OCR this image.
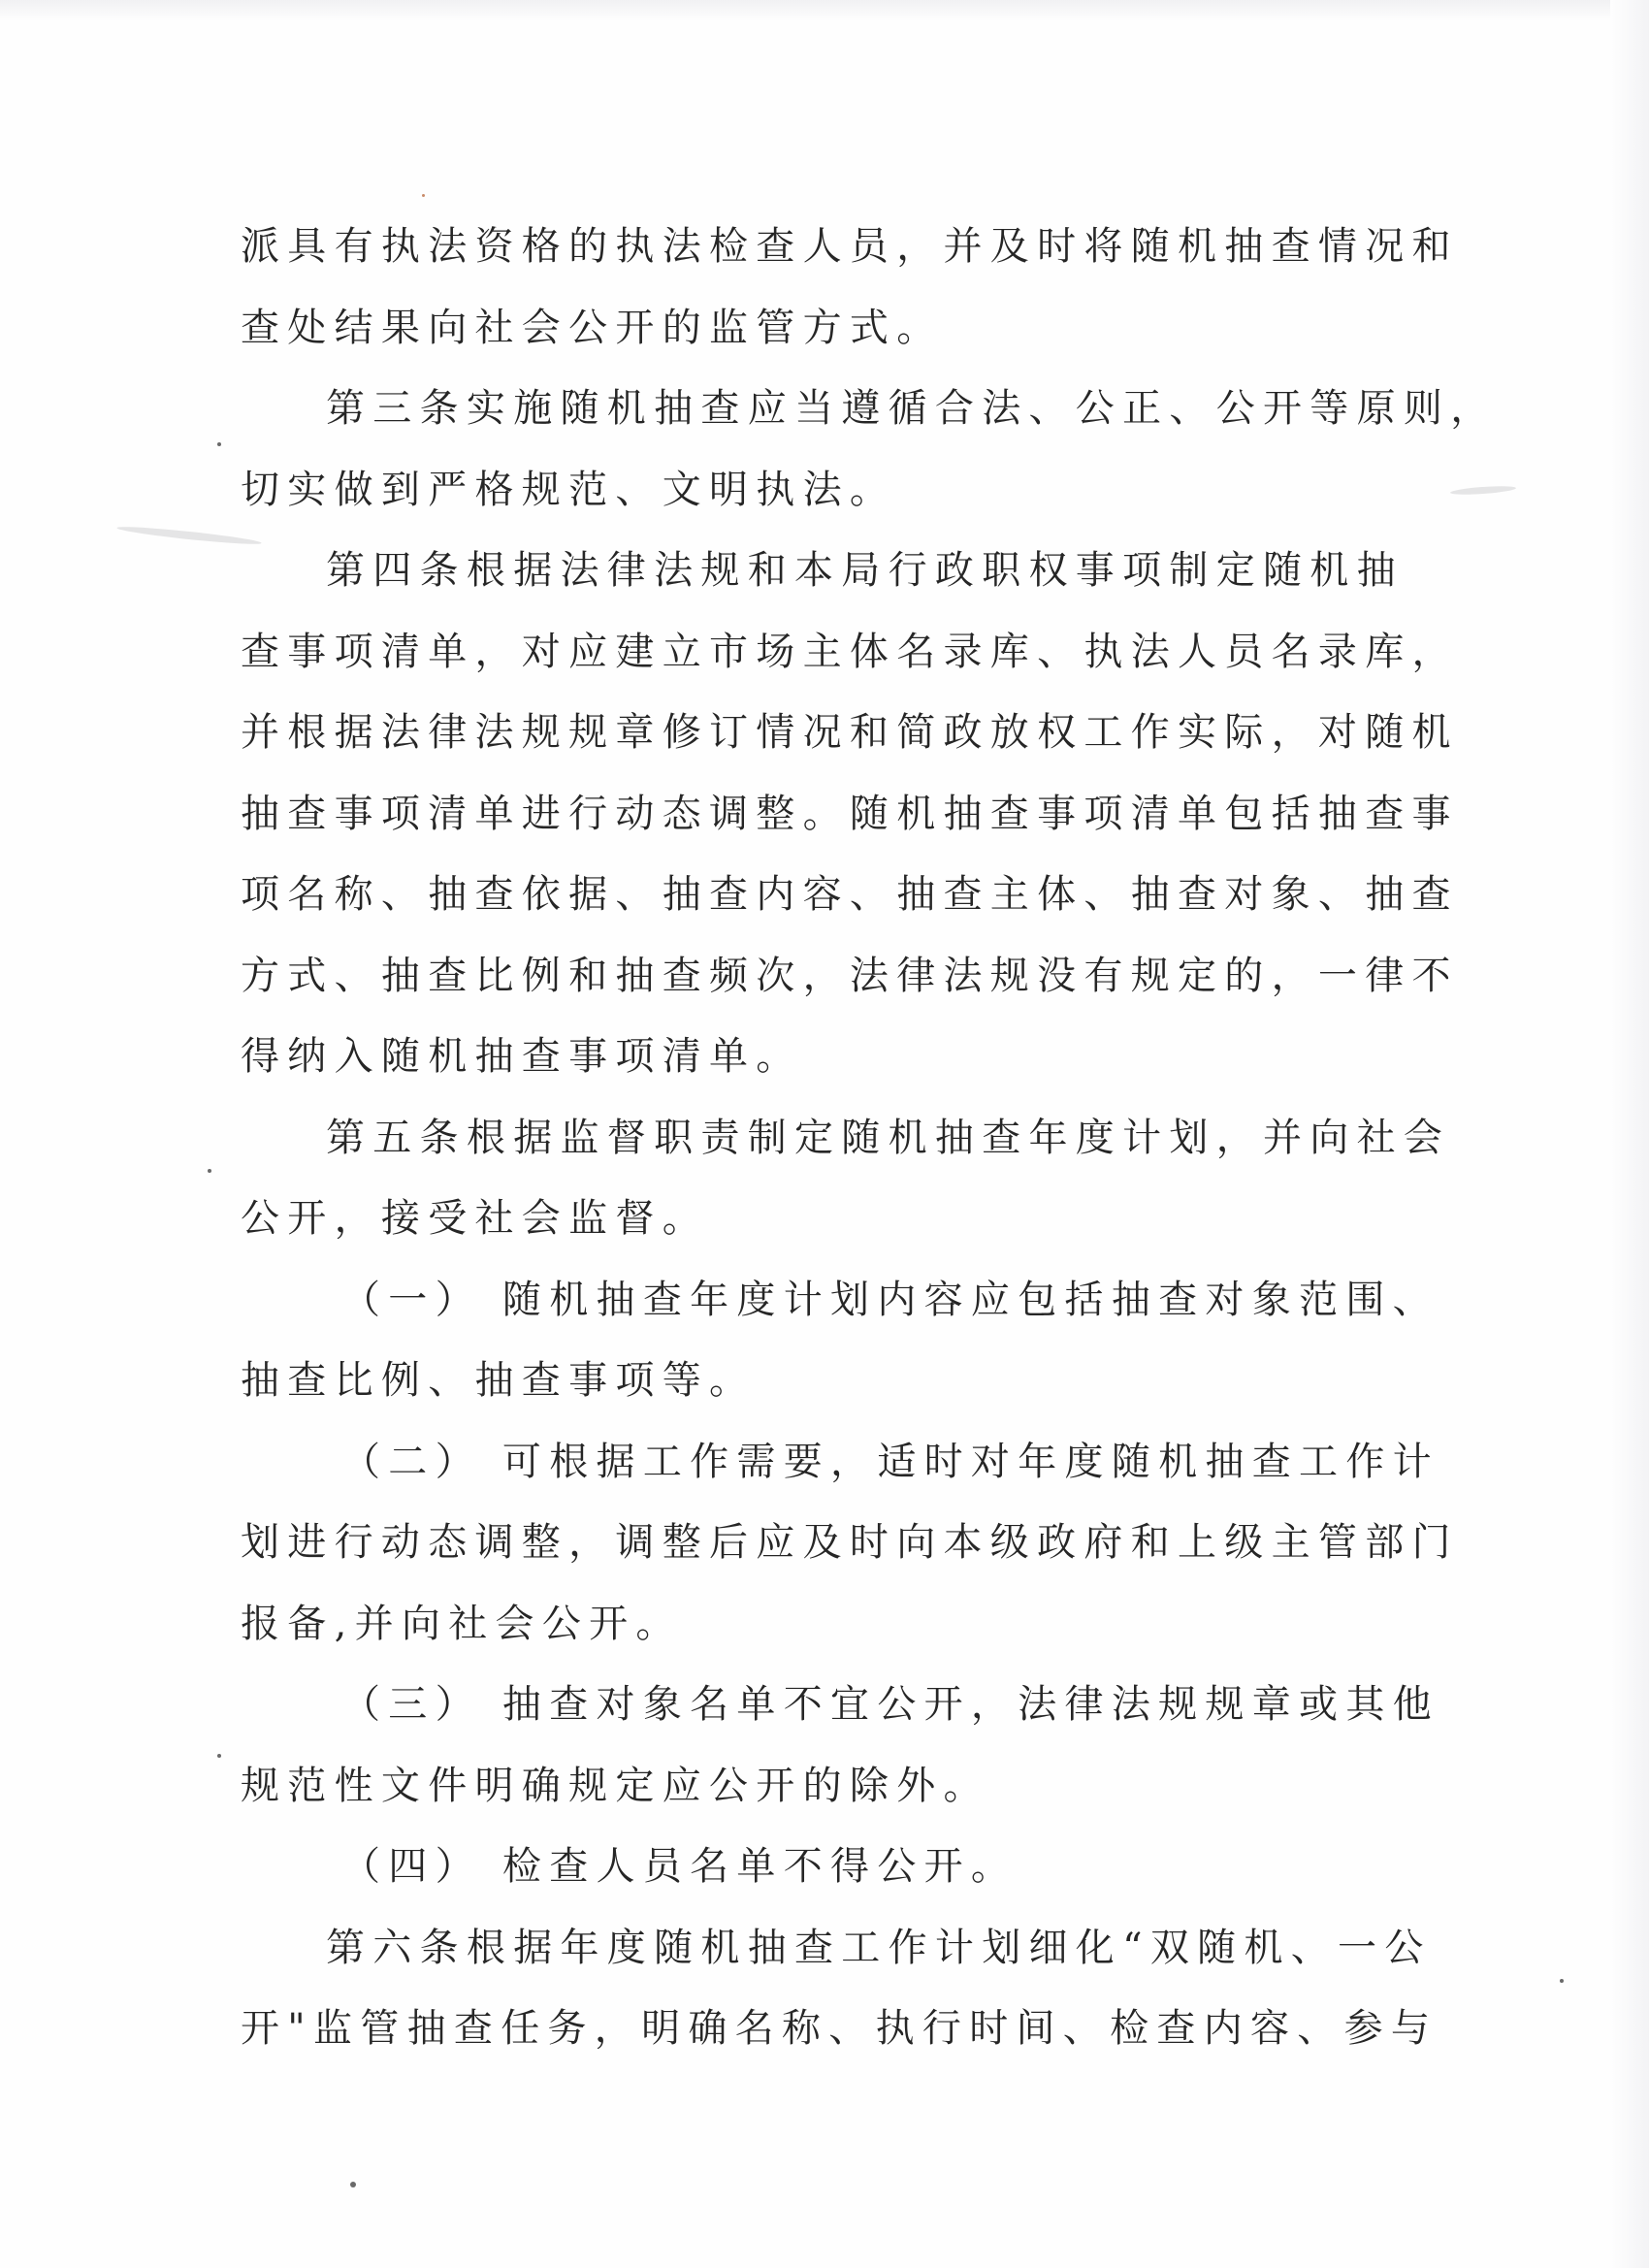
派具有执法资格的执法检查人员，并及时将随机抽查情况和
查处结果向社会公开的监管方式。
第三条实施随机抽查应当遵循合法、公正、公开等原则，
切实做到严格规范、文明执法。
第四条根据法律法规和本局行政职权事项制定随机抽
查事项清单，对应建立市场主体名录库、执法人员名录库，
并根据法律法规规章修订情况和简政放权工作实际，对随机
抽查事项清单进行动态调整。随机抽查事项清单包括抽查事
项名称、抽查依据、抽查内容、抽查主体、抽查对象、抽查
方式、抽查比例和抽查频次，法律法规没有规定的，一律不
得纳入随机抽查事项清单。
第五条根据监督职责制定随机抽查年度计划，并向社会
公开，接受社会监督。
（一） 随机抽查年度计划内容应包括抽查对象范围、
抽查比例、抽查事项等。
（二） 可根据工作需要，适时对年度随机抽查工作计
划进行动态调整，调整后应及时向本级政府和上级主管部门
报备,并向社会公开。
（三） 抽查对象名单不宜公开，法律法规规章或其他
规范性文件明确规定应公开的除外。
（四） 检查人员名单不得公开。
第六条根据年度随机抽查工作计划细化“双随机、一公
开"监管抽查任务，明确名称、执行时间、检查内容、参与
